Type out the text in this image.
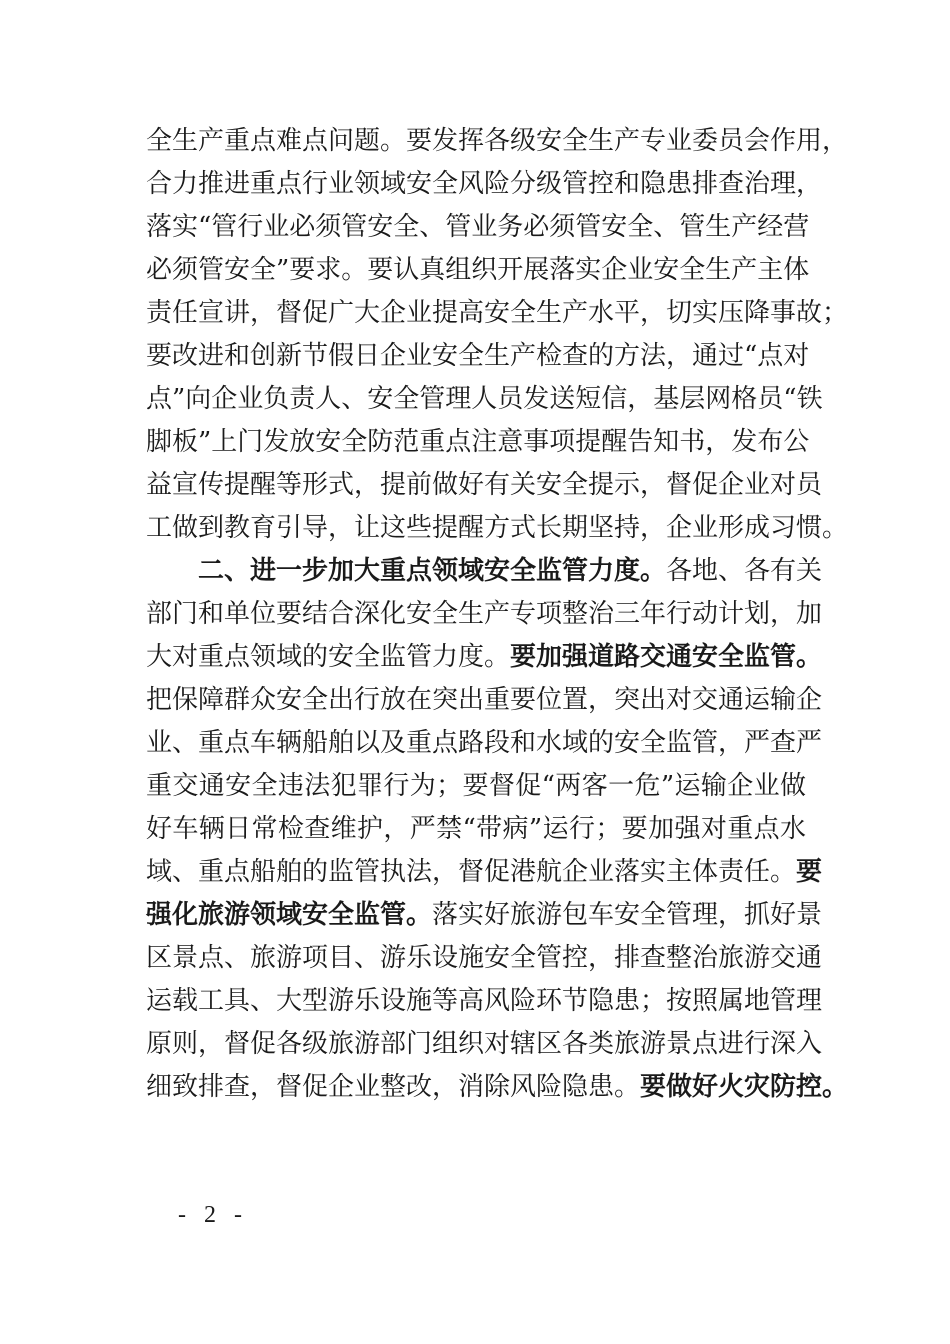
全生产重点难点问题。要发挥各级安全生产专业委员会作用，
合力推进重点行业领域安全风险分级管控和隐患排查治理，
落实“管行业必须管安全、管业务必须管安全、管生产经营
必须管安全”要求。要认真组织开展落实企业安全生产主体
责任宣讲，督促广大企业提高安全生产水平，切实压降事故；
要改进和创新节假日企业安全生产检查的方法，通过“点对
点”向企业负责人、安全管理人员发送短信，基层网格员“铁
脚板”上门发放安全防范重点注意事项提醒告知书，发布公
益宣传提醒等形式，提前做好有关安全提示，督促企业对员
工做到教育引导，让这些提醒方式长期坚持，企业形成习惯。
二、进一步加大重点领域安全监管力度。各地、各有关
部门和单位要结合深化安全生产专项整治三年行动计划，加
大对重点领域的安全监管力度。要加强道路交通安全监管。
把保障群众安全出行放在突出重要位置，突出对交通运输企
业、重点车辆船舶以及重点路段和水域的安全监管，严查严
重交通安全违法犯罪行为；要督促“两客一危”运输企业做
好车辆日常检查维护，严禁“带病”运行；要加强对重点水
域、重点船舶的监管执法，督促港航企业落实主体责任。要
强化旅游领域安全监管。落实好旅游包车安全管理，抓好景
区景点、旅游项目、游乐设施安全管控，排查整治旅游交通
运载工具、大型游乐设施等高风险环节隐患；按照属地管理
原则，督促各级旅游部门组织对辖区各类旅游景点进行深入
细致排查，督促企业整改，消除风险隐患。要做好火灾防控。
- 2 -
